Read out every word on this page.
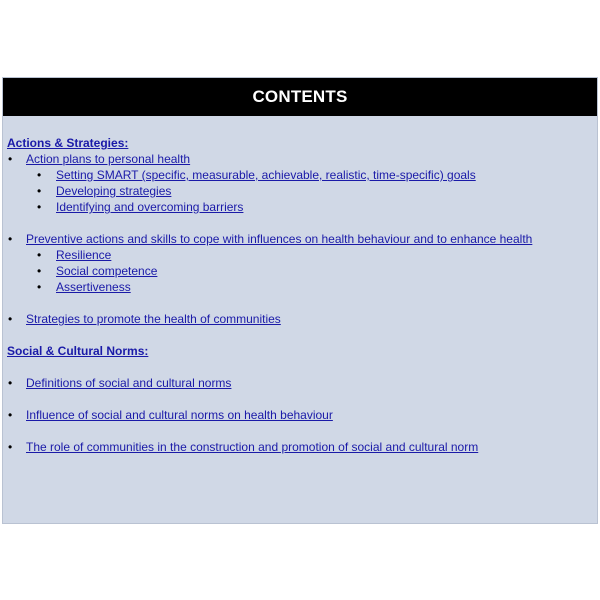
CONTENTS
Actions & Strategies:
• Action plans to personal health
• Setting SMART (specific, measurable, achievable, realistic, time-specific) goals
• Developing strategies
• Identifying and overcoming barriers
• Preventive actions and skills to cope with influences on health behaviour and to enhance health
• Resilience
• Social competence
• Assertiveness
• Strategies to promote the health of communities
Social & Cultural Norms:
• Definitions of social and cultural norms
• Influence of social and cultural norms on health behaviour
• The role of communities in the construction and promotion of social and cultural norm
